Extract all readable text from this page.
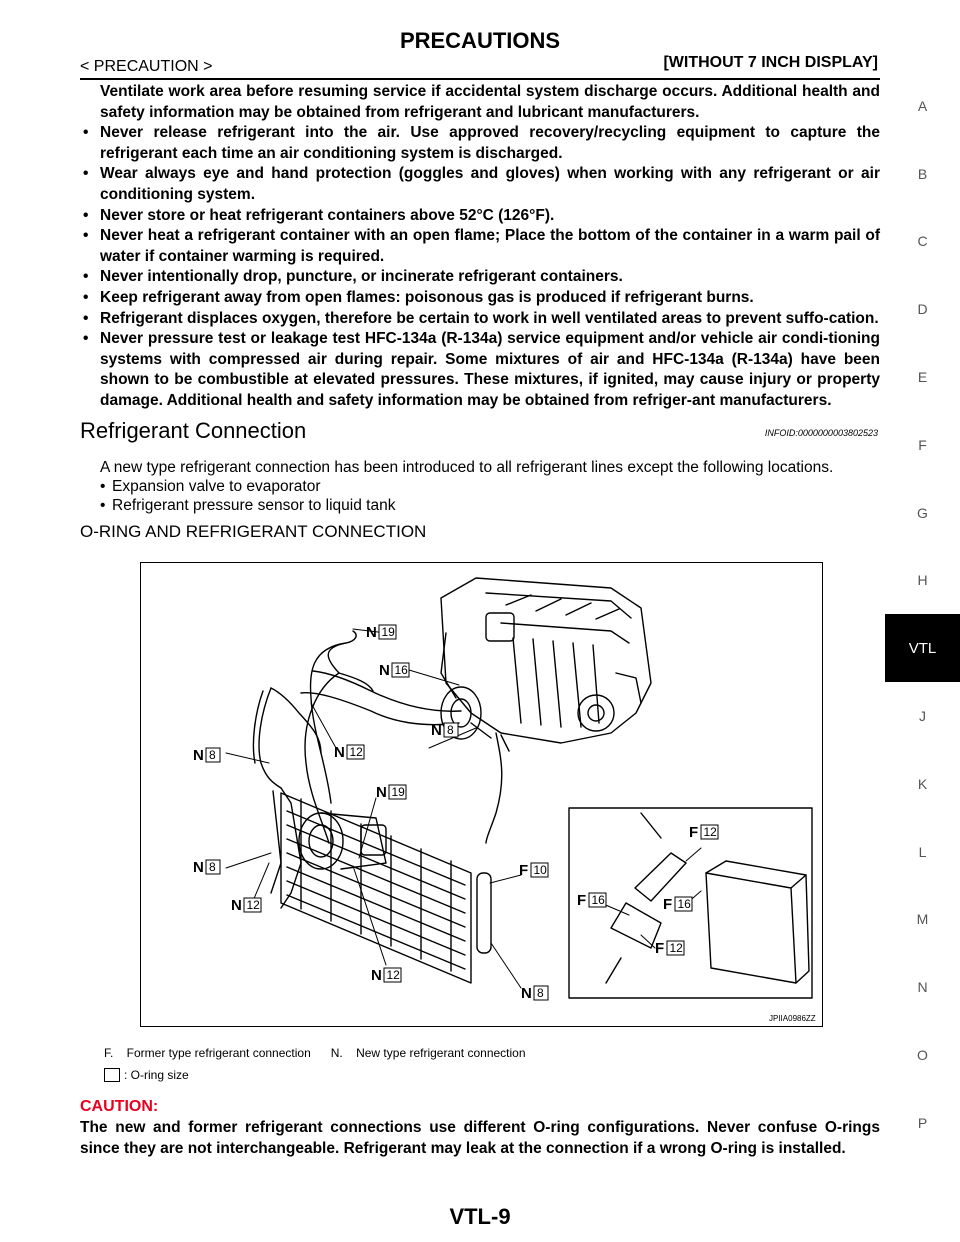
PRECAUTIONS
< PRECAUTION >	[WITHOUT 7 INCH DISPLAY]
A
B
C
D
E
F
G
H
VTL
J
K
L
M
N
O
P
Ventilate work area before resuming service if accidental system discharge occurs. Additional health and safety information may be obtained from refrigerant and lubricant manufacturers.
• Never release refrigerant into the air. Use approved recovery/recycling equipment to capture the refrigerant each time an air conditioning system is discharged.
• Wear always eye and hand protection (goggles and gloves) when working with any refrigerant or air conditioning system.
• Never store or heat refrigerant containers above 52°C (126°F).
• Never heat a refrigerant container with an open flame; Place the bottom of the container in a warm pail of water if container warming is required.
• Never intentionally drop, puncture, or incinerate refrigerant containers.
• Keep refrigerant away from open flames: poisonous gas is produced if refrigerant burns.
• Refrigerant displaces oxygen, therefore be certain to work in well ventilated areas to prevent suffo-cation.
• Never pressure test or leakage test HFC-134a (R-134a) service equipment and/or vehicle air condi-tioning systems with compressed air during repair. Some mixtures of air and HFC-134a (R-134a) have been shown to be combustible at elevated pressures. These mixtures, if ignited, may cause injury or property damage. Additional health and safety information may be obtained from refriger-ant manufacturers.
Refrigerant Connection	INFOID:0000000003802523
A new type refrigerant connection has been introduced to all refrigerant lines except the following locations.
• Expansion valve to evaporator
• Refrigerant pressure sensor to liquid tank
O-RING AND REFRIGERANT CONNECTION
N 19
N 16
N 8
N 12
N 8
N 19
N 8	F 10
N 12
N 12
N 8
F 12
F 16	F 16
F 12
JPIIA0986ZZ
F.    Former type refrigerant connection      N.    New type refrigerant connection
: O-ring size
CAUTION:
The new and former refrigerant connections use different O-ring configurations. Never confuse O-rings since they are not interchangeable. Refrigerant may leak at the connection if a wrong O-ring is installed.
VTL-9
